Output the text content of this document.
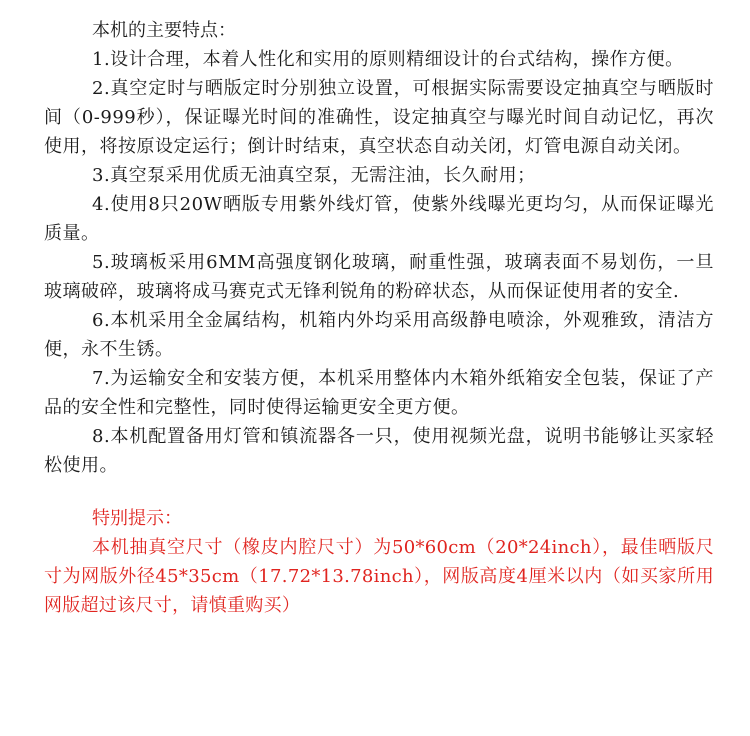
本机的主要特点：

1.设计合理，本着人性化和实用的原则精细设计的台式结构，操作方便。

2.真空定时与晒版定时分别独立设置，可根据实际需要设定抽真空与晒版时间（0-999秒），保证曝光时间的准确性，设定抽真空与曝光时间自动记忆，再次使用，将按原设定运行；倒计时结束，真空状态自动关闭，灯管电源自动关闭。

3.真空泵采用优质无油真空泵，无需注油，长久耐用；

4.使用8只20W晒版专用紫外线灯管，使紫外线曝光更均匀，从而保证曝光质量。

5.玻璃板采用6MM高强度钢化玻璃，耐重性强，玻璃表面不易划伤，一旦玻璃破碎，玻璃将成马赛克式无锋利锐角的粉碎状态，从而保证使用者的安全.

6.本机采用全金属结构，机箱内外均采用高级静电喷涂，外观雅致，清洁方便，永不生锈。

7.为运输安全和安装方便，本机采用整体内木箱外纸箱安全包装，保证了产品的安全性和完整性，同时使得运输更安全更方便。

8.本机配置备用灯管和镇流器各一只，使用视频光盘，说明书能够让买家轻松使用。

特别提示：

本机抽真空尺寸（橡皮内腔尺寸）为50*60cm（20*24inch），最佳晒版尺寸为网版外径45*35cm（17.72*13.78inch），网版高度4厘米以内（如买家所用网版超过该尺寸，请慎重购买）
